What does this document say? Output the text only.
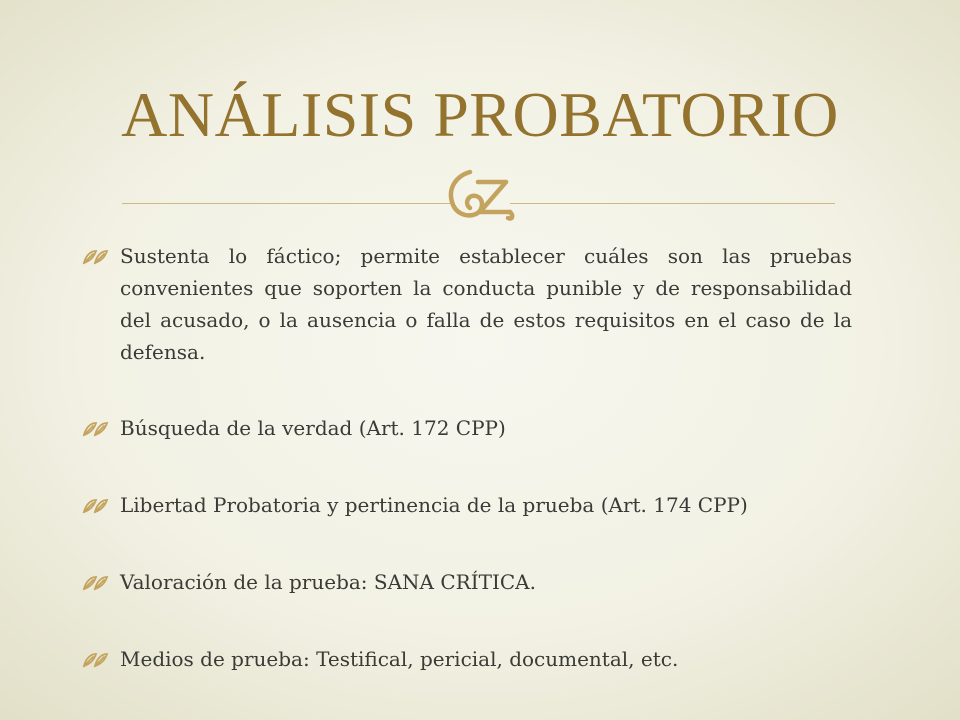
ANÁLISIS PROBATORIO
Sustenta lo fáctico; permite establecer cuáles son las pruebas convenientes que soporten la conducta punible y de responsabilidad del acusado, o la ausencia o falla de estos requisitos en el caso de la defensa.
Búsqueda de la verdad (Art. 172 CPP)
Libertad Probatoria y pertinencia de la prueba (Art. 174 CPP)
Valoración de la prueba: SANA CRÍTICA.
Medios de prueba: Testifical, pericial, documental, etc.
